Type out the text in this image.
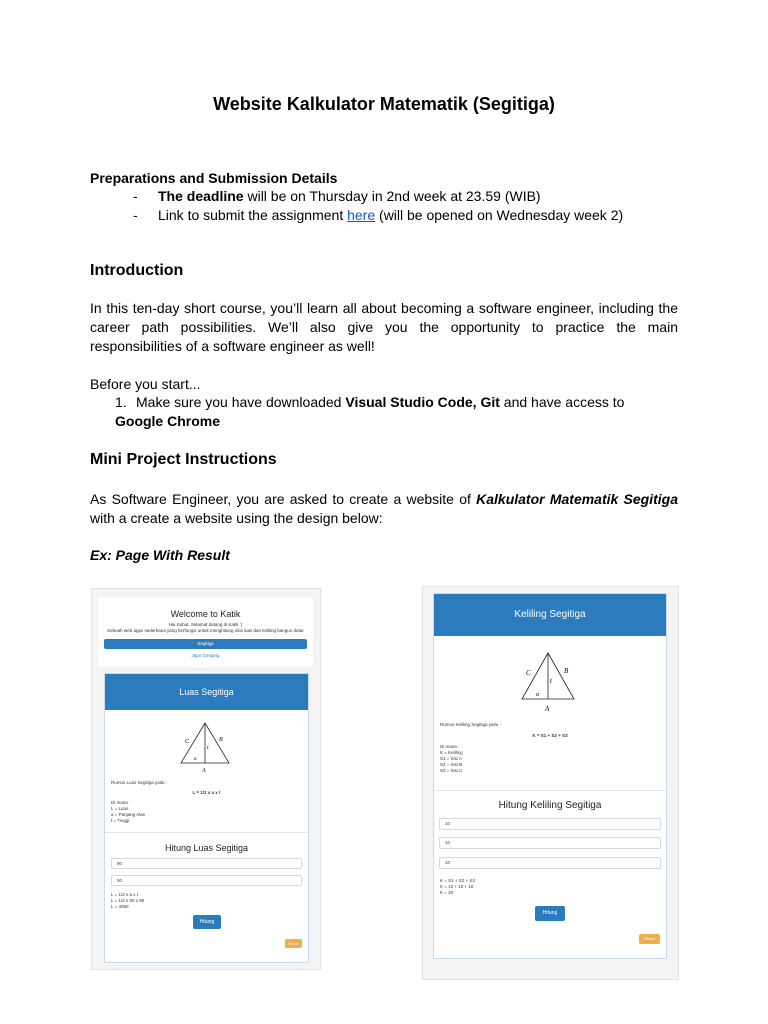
Website Kalkulator Matematik (Segitiga)
Preparations and Submission Details
- The deadline will be on Thursday in 2nd week at 23.59 (WIB)
- Link to submit the assignment here (will be opened on Wednesday week 2)
Introduction
In this ten-day short course, you’ll learn all about becoming a software engineer, including the career path possibilities. We’ll also give you the opportunity to practice the main responsibilities of a software engineer as well!
Before you start...
1. Make sure you have downloaded Visual Studio Code, Git and have access to Google Chrome
Mini Project Instructions
As Software Engineer, you are asked to create a website of Kalkulator Matematik Segitiga with a create a website using the design below:
Ex: Page With Result
Welcome to Katik
Hai Sobat, Selamat datang di Katik :)
Sebuah web apps sederhana yang berfungsi untuk menghitung nilai luas dan keliling bangun datar
Segitiga
Jajar Genjang
Luas Segitiga
C	B
t
α
A
Rumus Luas Segitiga yaitu :
L = 1/2 x a x t
Di mana :
L = Luas
a = Panjang Alas
t = Tinggi
Hitung Luas Segitiga
90
90
L = 1/2 x a x t
L = 1/2 x 90 x 90
L = 4050
Hitung
Reset
Keliling Segitiga
C	B
t
α
A
Rumus Keliling Segitiga yaitu :
K = S1 + S2 + S3
Di mana :
K = Keliling
S1 = Sisi A
S2 = Sisi B
S3 = Sisi C
Hitung Keliling Segitiga
10
10
10
K = S1 + S2 + S3
K = 10 + 10 + 10
K = 30
Hitung
Reset
